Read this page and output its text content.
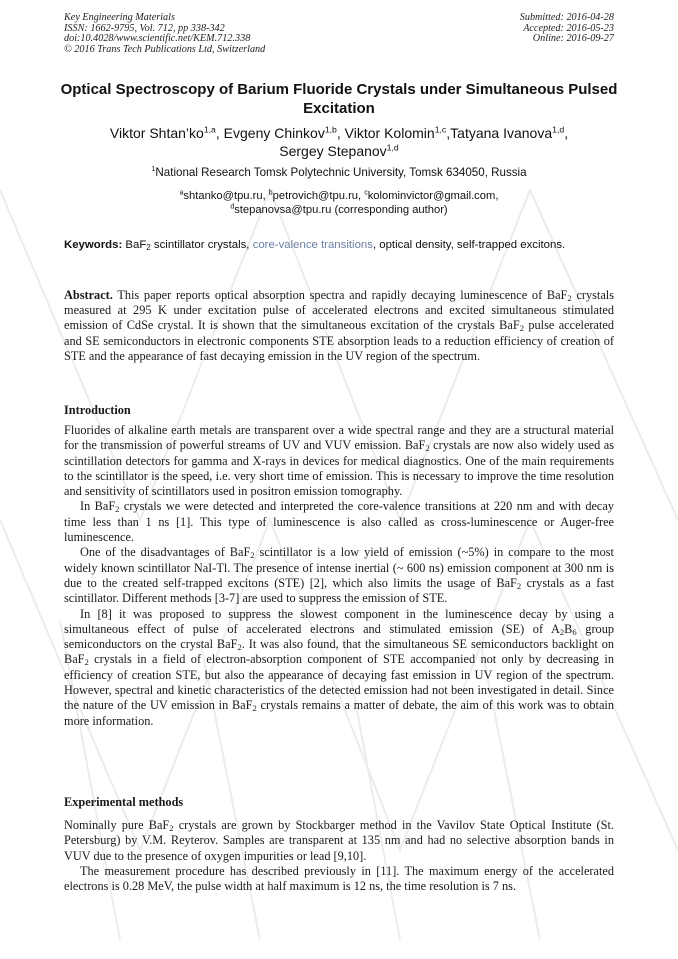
Key Engineering Materials
ISSN: 1662-9795, Vol. 712, pp 338-342
doi:10.4028/www.scientific.net/KEM.712.338
© 2016 Trans Tech Publications Ltd, Switzerland
Submitted: 2016-04-28
Accepted: 2016-05-23
Online: 2016-09-27
Optical Spectroscopy of Barium Fluoride Crystals under Simultaneous Pulsed Excitation
Viktor Shtan’ko$^{1,a}$, Evgeny Chinkov$^{1,b}$, Viktor Kolomin$^{1,c}$,Tatyana Ivanova$^{1,d}$,
Sergey Stepanov$^{1,d}$
$^1$National Research Tomsk Polytechnic University, Tomsk 634050, Russia
$^a$shtanko@tpu.ru, $^b$petrovich@tpu.ru, $^c$kolominvictor@gmail.com,
$^d$stepanovsa@tpu.ru (corresponding author)
Keywords: BaF$_2$ scintillator crystals, core-valence transitions, optical density, self-trapped excitons.
Abstract. This paper reports optical absorption spectra and rapidly decaying luminescence of BaF$_2$ crystals measured at 295 K under excitation pulse of accelerated electrons and excited simultaneous stimulated emission of CdSe crystal. It is shown that the simultaneous excitation of the crystals BaF$_2$ pulse accelerated and SE semiconductors in electronic components STE absorption leads to a reduction efficiency of creation of STE and the appearance of fast decaying emission in the UV region of the spectrum.
Introduction

Fluorides of alkaline earth metals are transparent over a wide spectral range and they are a structural material for the transmission of powerful streams of UV and VUV emission. BaF$_2$ crystals are now also widely used as scintillation detectors for gamma and X-rays in devices for medical diagnostics. One of the main requirements to the scintillator is the speed, i.e. very short time of emission. This is necessary to improve the time resolution and sensitivity of scintillators used in positron emission tomography.

In BaF$_2$ crystals we were detected and interpreted the core-valence transitions at 220 nm and with decay time less than 1 ns [1]. This type of luminescence is also called as cross-luminescence or Auger-free luminescence.

One of the disadvantages of BaF$_2$ scintillator is a low yield of emission (~5%) in compare to the most widely known scintillator NaI-Tl. The presence of intense inertial (~ 600 ns) emission component at 300 nm is due to the created self-trapped excitons (STE) [2], which also limits the usage of BaF$_2$ crystals as a fast scintillator. Different methods [3-7] are used to suppress the emission of STE.

In [8] it was proposed to suppress the slowest component in the luminescence decay by using a simultaneous effect of pulse of accelerated electrons and stimulated emission (SE) of $A_2B_6$ group semiconductors on the crystal BaF$_2$. It was also found, that the simultaneous SE semiconductors backlight on BaF$_2$ crystals in a field of electron-absorption component of STE accompanied not only by decreasing in efficiency of creation STE, but also the appearance of decaying fast emission in UV region of the spectrum. However, spectral and kinetic characteristics of the detected emission had not been investigated in detail. Since the nature of the UV emission in BaF$_2$ crystals remains a matter of debate, the aim of this work was to obtain more information.

Experimental methods

Nominally pure BaF$_2$ crystals are grown by Stockbarger method in the Vavilov State Optical Institute (St. Petersburg) by V.M. Reyterov. Samples are transparent at 135 nm and had no selective absorption bands in VUV due to the presence of oxygen impurities or lead [9,10].

The measurement procedure has described previously in [11]. The maximum energy of the accelerated electrons is 0.28 MeV, the pulse width at half maximum is 12 ns, the time resolution is 7 ns.
